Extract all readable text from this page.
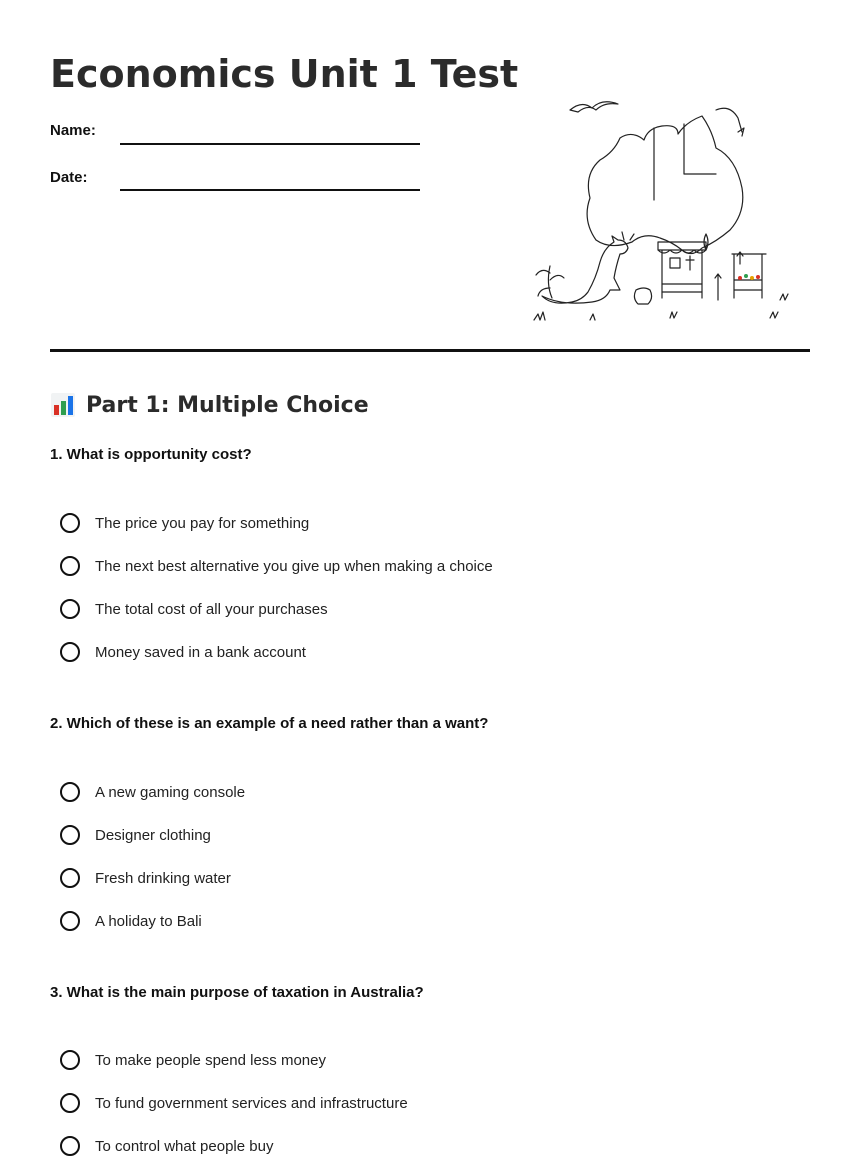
Economics Unit 1 Test
Name:
Date:
Part 1: Multiple Choice

1. What is opportunity cost?

The price you pay for something
The next best alternative you give up when making a choice
The total cost of all your purchases
Money saved in a bank account

2. Which of these is an example of a need rather than a want?

A new gaming console
Designer clothing
Fresh drinking water
A holiday to Bali

3. What is the main purpose of taxation in Australia?

To make people spend less money
To fund government services and infrastructure
To control what people buy
